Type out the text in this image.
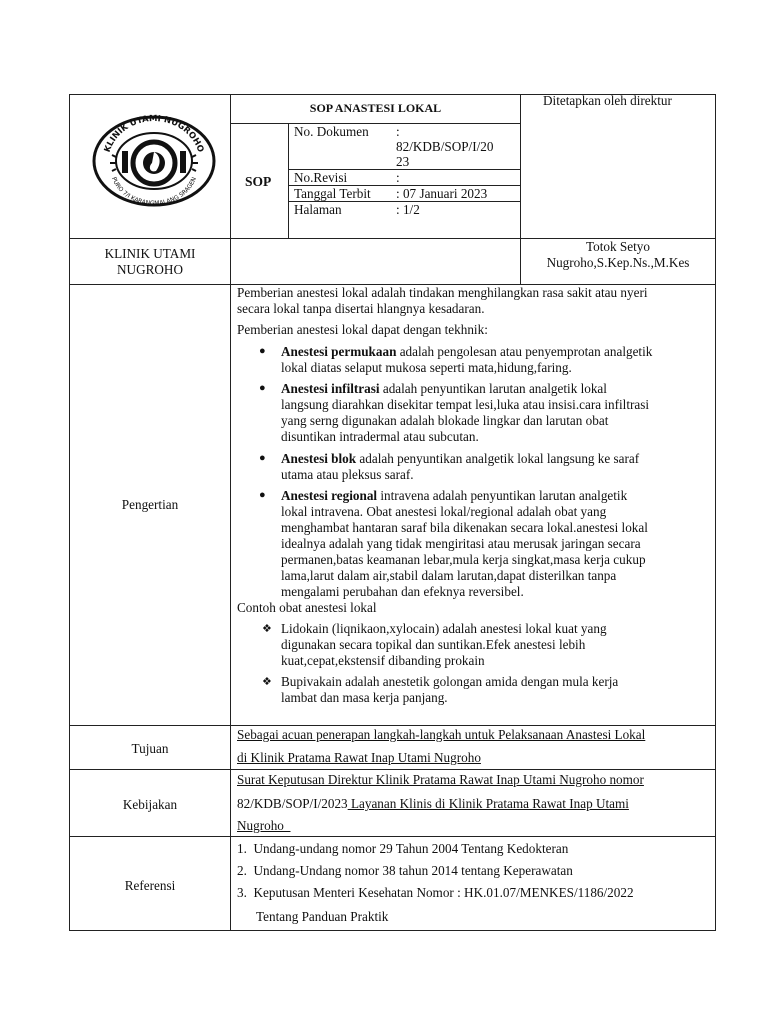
KLINIK UTAMI NUGROHO
PURO 7/I KARANGMALANG SRAGEN
SOP ANASTESI LOKAL
SOP
Ditetapkan oleh direktur
No. Dokumen :
82/KDB/SOP/I/20
23
No.Revisi	:
Tanggal Terbit : 07 Januari 2023
Halaman	: 1/2
KLINIK UTAMI
NUGROHO
Totok Setyo
Nugroho,S.Kep.Ns.,M.Kes
Pengertian
Pemberian anestesi lokal adalah tindakan menghilangkan rasa sakit atau nyeri
secara lokal tanpa disertai hlangnya kesadaran.
Pemberian anestesi lokal dapat dengan tekhnik:
● Anestesi permukaan adalah pengolesan atau penyemprotan analgetik
lokal diatas selaput mukosa seperti mata,hidung,faring.
● Anestesi infiltrasi adalah penyuntikan larutan analgetik lokal
langsung diarahkan disekitar tempat lesi,luka atau insisi.cara infiltrasi
yang serng digunakan adalah blokade lingkar dan larutan obat
disuntikan intradermal atau subcutan.
● Anestesi blok adalah penyuntikan analgetik lokal langsung ke saraf
utama atau pleksus saraf.
● Anestesi regional intravena adalah penyuntikan larutan analgetik
lokal intravena. Obat anestesi lokal/regional adalah obat yang
menghambat hantaran saraf bila dikenakan secara lokal.anestesi lokal
idealnya adalah yang tidak mengiritasi atau merusak jaringan secara
permanen,batas keamanan lebar,mula kerja singkat,masa kerja cukup
lama,larut dalam air,stabil dalam larutan,dapat disterilkan tanpa
mengalami perubahan dan efeknya reversibel.
Contoh obat anestesi lokal
❖ Lidokain (liqnikaon,xylocain) adalah anestesi lokal kuat yang
digunakan secara topikal dan suntikan.Efek anestesi lebih
kuat,cepat,ekstensif dibanding prokain
❖ Bupivakain adalah anestetik golongan amida dengan mula kerja
lambat dan masa kerja panjang.
Tujuan
Sebagai acuan penerapan langkah-langkah untuk Pelaksanaan Anastesi Lokal
di Klinik Pratama Rawat Inap Utami Nugroho
Kebijakan
Surat Keputusan Direktur Klinik Pratama Rawat Inap Utami Nugroho nomor
82/KDB/SOP/I/2023 Layanan Klinis di Klinik Pratama Rawat Inap Utami
Nugroho
Referensi
1.  Undang-undang nomor 29 Tahun 2004 Tentang Kedokteran
2.  Undang-Undang nomor 38 tahun 2014 tentang Keperawatan
3.  Keputusan Menteri Kesehatan Nomor : HK.01.07/MENKES/1186/2022
Tentang Panduan Praktik
